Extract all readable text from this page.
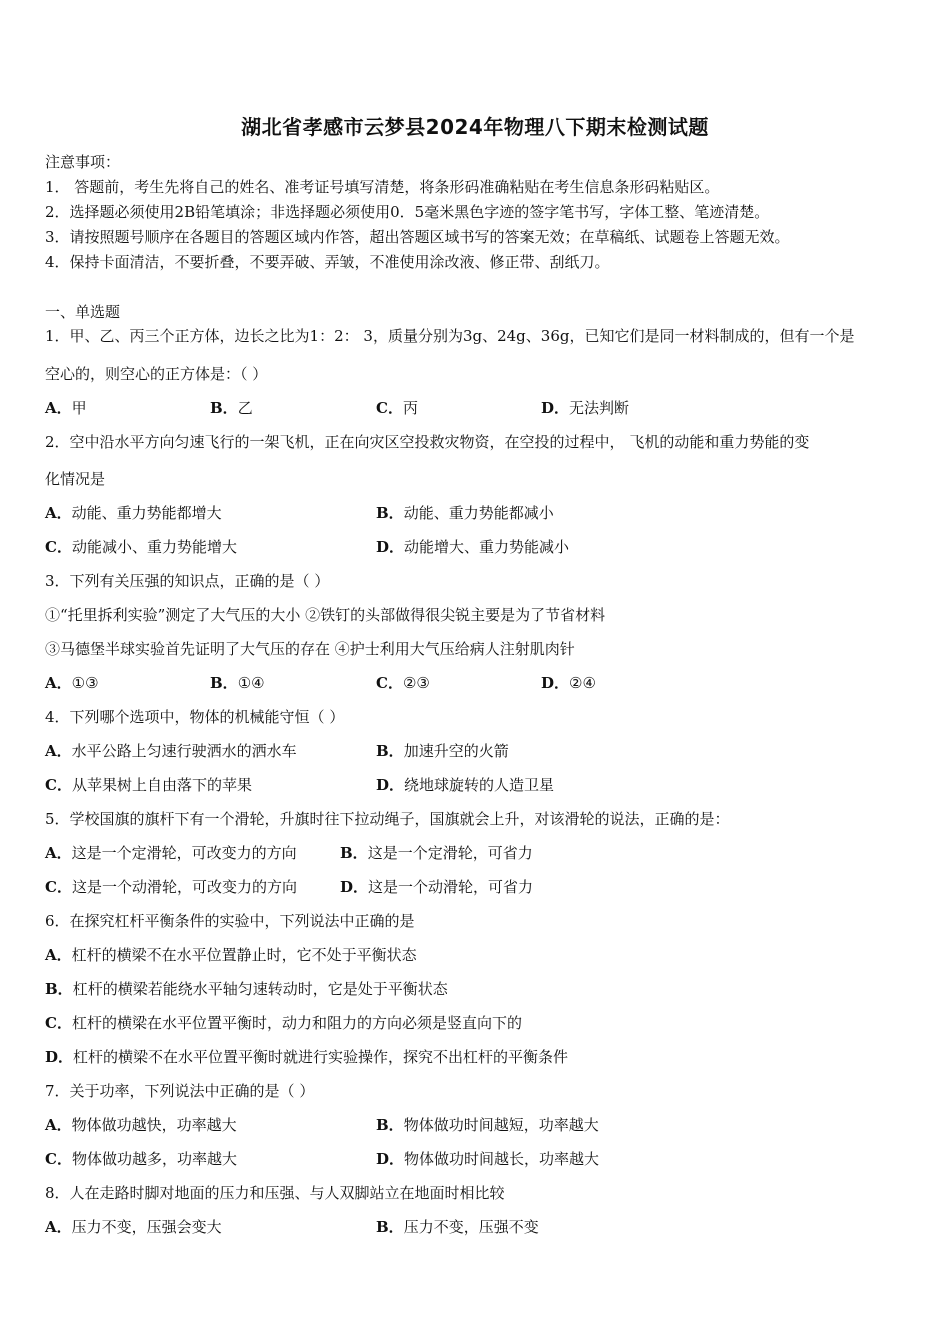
湖北省孝感市云梦县2024年物理八下期末检测试题
注意事项：
1． 答题前，考生先将自己的姓名、准考证号填写清楚，将条形码准确粘贴在考生信息条形码粘贴区。
2．选择题必须使用2B铅笔填涂；非选择题必须使用0．5毫米黑色字迹的签字笔书写，字体工整、笔迹清楚。
3．请按照题号顺序在各题目的答题区域内作答，超出答题区域书写的答案无效；在草稿纸、试题卷上答题无效。
4．保持卡面清洁，不要折叠，不要弄破、弄皱，不准使用涂改液、修正带、刮纸刀。
一、单选题
1．甲、乙、丙三个正方体，边长之比为1：2： 3，质量分别为3g、24g、36g，已知它们是同一材料制成的，但有一个是
空心的，则空心的正方体是：（ ）
A．甲	B．乙	C．丙	D．无法判断
2．空中沿水平方向匀速飞行的一架飞机，正在向灾区空投救灾物资，在空投的过程中， 飞机的动能和重力势能的变
化情况是
A．动能、重力势能都增大	B．动能、重力势能都减小
C．动能减小、重力势能增大	D．动能增大、重力势能减小
3．下列有关压强的知识点，正确的是（ ）
①“托里拆利实验”测定了大气压的大小 ②铁钉的头部做得很尖锐主要是为了节省材料
③马德堡半球实验首先证明了大气压的存在 ④护士利用大气压给病人注射肌肉针
A．①③	B．①④	C．②③	D．②④
4．下列哪个选项中，物体的机械能守恒（ ）
A．水平公路上匀速行驶洒水的洒水车	B．加速升空的火箭
C．从苹果树上自由落下的苹果	D．绕地球旋转的人造卫星
5．学校国旗的旗杆下有一个滑轮，升旗时往下拉动绳子，国旗就会上升，对该滑轮的说法，正确的是：
A．这是一个定滑轮，可改变力的方向	B．这是一个定滑轮，可省力
C．这是一个动滑轮，可改变力的方向	D．这是一个动滑轮，可省力
6．在探究杠杆平衡条件的实验中，下列说法中正确的是
A．杠杆的横梁不在水平位置静止时，它不处于平衡状态
B．杠杆的横梁若能绕水平轴匀速转动时，它是处于平衡状态
C．杠杆的横梁在水平位置平衡时，动力和阻力的方向必须是竖直向下的
D．杠杆的横梁不在水平位置平衡时就进行实验操作，探究不出杠杆的平衡条件
7．关于功率，下列说法中正确的是（ ）
A．物体做功越快，功率越大	B．物体做功时间越短，功率越大
C．物体做功越多，功率越大	D．物体做功时间越长，功率越大
8．人在走路时脚对地面的压力和压强、与人双脚站立在地面时相比较
A．压力不变，压强会变大	B．压力不变，压强不变
